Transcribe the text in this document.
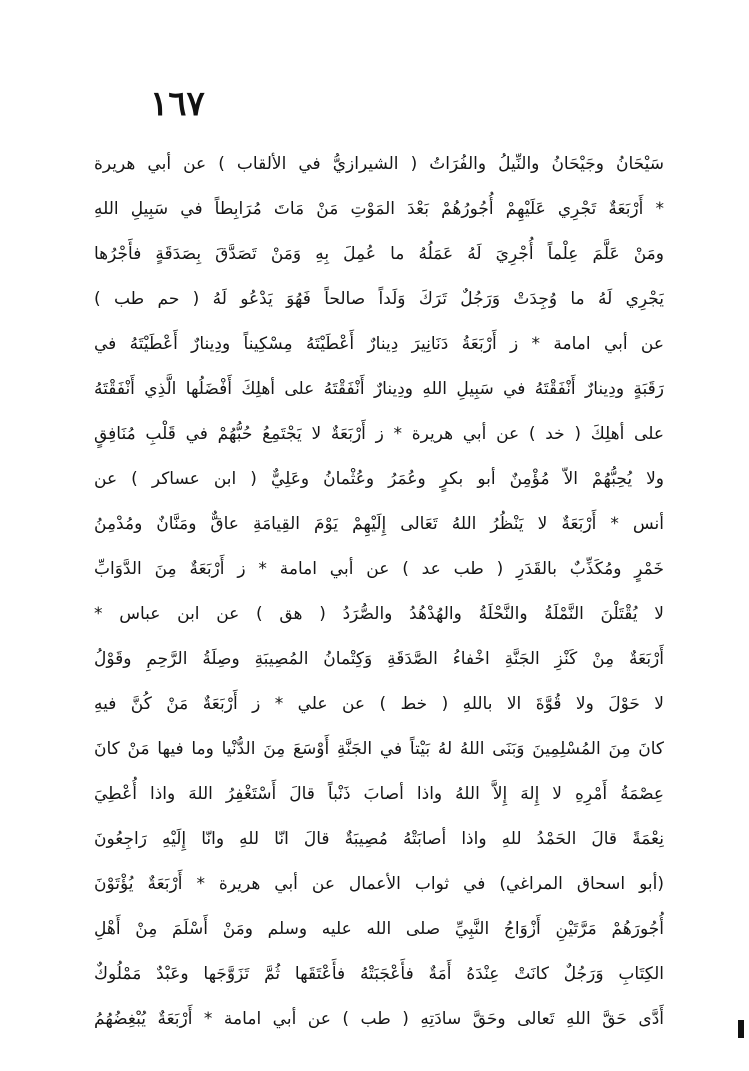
١٦٧
سَيْحَانُ وجَيْحَانُ والنِّيلُ والفُرَاتُ ( الشيرازيُّ في الألقاب ) عن أبي هريرة
* أَرْبَعَةٌ تَجْرِي عَلَيْهِمْ أُجُورُهُمْ بَعْدَ المَوْتِ مَنْ مَاتَ مُرَابِطاً في سَبِيلِ اللهِ
ومَنْ عَلَّمَ عِلْماً أُجْرِيَ لَهُ عَمَلُهُ ما عُمِلَ بِهِ وَمَنْ تَصَدَّقَ بِصَدَقَةٍ فأَجْرُها
يَجْرِي لَهُ ما وُجِدَتْ وَرَجُلٌ تَرَكَ وَلَداً صالحاً فَهُوَ يَدْعُو لَهُ ( حم طب )
عن أبي امامة * ز أَرْبَعَةُ دَنَانِيرَ دِينارٌ أَعْطَيْتَهُ مِسْكِيناً ودِينارٌ أَعْطَيْتَهُ في
رَقَبَةٍ ودِينارٌ أَنْفَقْتَهُ في سَبِيلِ اللهِ ودِينارٌ أَنْفَقْتَهُ على أهلِكَ أَفْضَلُها الَّذِي أَنْفَقْتَهُ
على أهلِكَ ( خد ) عن أبي هريرة * ز أَرْبَعَةٌ لا يَجْتَمِعُ حُبُّهُمْ في قَلْبِ مُنَافِقٍ
ولا يُحِبُّهُمْ الاّ مُؤْمِنٌ أبو بكرٍ وعُمَرُ وعُثْمانُ وعَلِيٌّ ( ابن عساكر ) عن
أنس * أَرْبَعَةٌ لا يَنْظُرُ اللهُ تَعَالى إِلَيْهِمْ يَوْمَ القِيامَةِ عاقٌّ ومَنَّانٌ ومُدْمِنُ
خَمْرٍ ومُكَذِّبٌ بالقَدَرِ ( طب عد ) عن أبي امامة * ز أَرْبَعَةٌ مِنَ الدَّوَابِّ
لا يُقْتَلْنَ النَّمْلَةُ والنَّحْلَةُ والهُدْهُدُ والصُّرَدُ ( هق ) عن ابن عباس *
أَرْبَعَةٌ مِنْ كَنْزِ الجَنَّةِ اخْفاءُ الصَّدَقَةِ وَكِتْمانُ المُصِيبَةِ وصِلَةُ الرَّحِمِ وقَوْلُ
لا حَوْلَ ولا قُوَّةَ الا باللهِ ( خط ) عن علي * ز أَرْبَعَةٌ مَنْ كُنَّ فيهِ
كانَ مِنَ المُسْلِمِينَ وَبَنَى اللهُ لهُ بَيْتاً في الجَنَّةِ أَوْسَعَ مِنَ الدُّنْيا وما فيها مَنْ كانَ
عِصْمَةُ أَمْرِهِ لا إِلهَ إِلاَّ اللهُ واذا أصابَ ذَنْباً قالَ أَسْتَغْفِرُ اللهَ واذا أُعْطِيَ
نِعْمَةً قالَ الحَمْدُ للهِ واذا أصابَتْهُ مُصِيبَةٌ قالَ انّا للهِ وانّا إِلَيْهِ رَاجِعُونَ
(أبو اسحاق المراغي) في ثواب الأعمال عن أبي هريرة * أَرْبَعَةٌ يُؤْتَوْنَ
أُجُورَهُمْ مَرَّتَيْنِ أَزْوَاجُ النَّبِيِّ صلى الله عليه وسلم ومَنْ أَسْلَمَ مِنْ أَهْلِ
الكِتَابِ وَرَجُلٌ كانَتْ عِنْدَهُ أَمَةٌ فأَعْجَبَتْهُ فأَعْتَقَها ثُمَّ تَزَوَّجَها وعَبْدٌ مَمْلُوكٌ
أَدَّى حَقَّ اللهِ تَعالى وحَقَّ سادَتِهِ ( طب ) عن أبي امامة * أَرْبَعَةٌ يُبْغِضُهُمُ
